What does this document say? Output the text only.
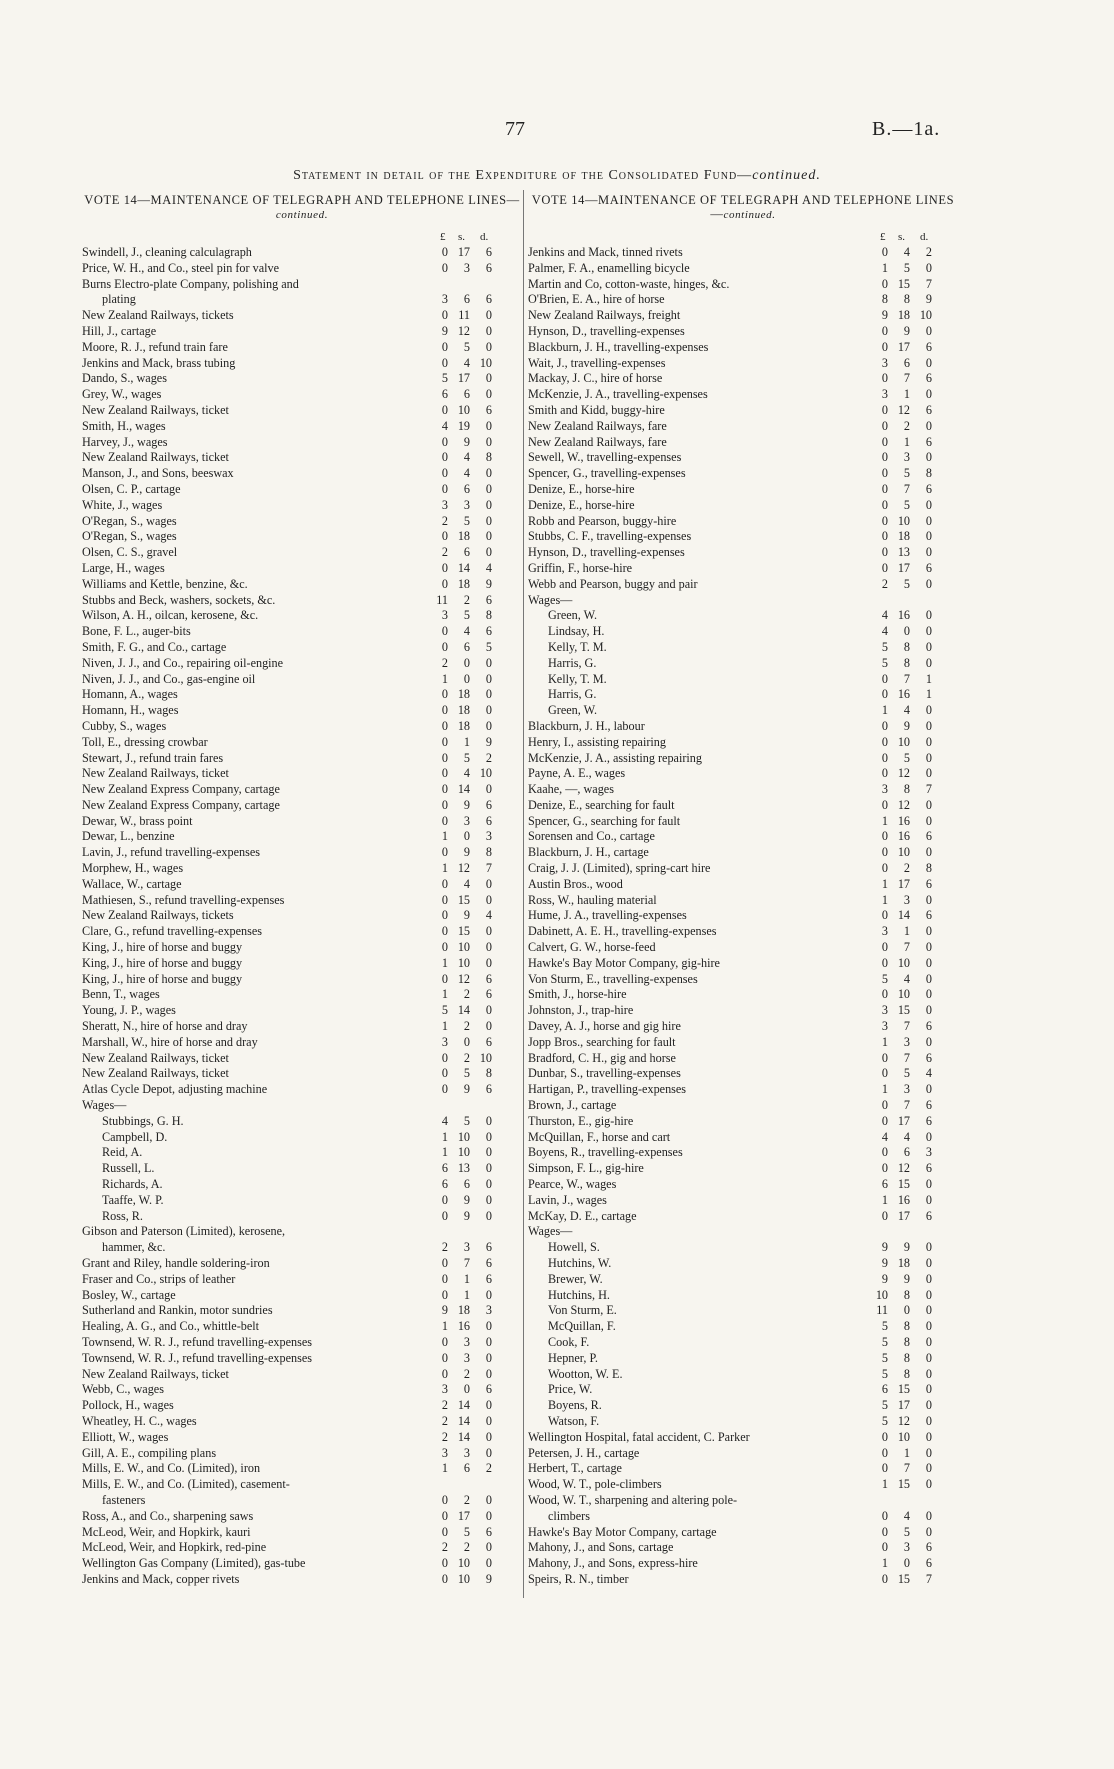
77	B.—1a.
Statement in detail of the Expenditure of the Consolidated Fund—continued.
VOTE 14—MAINTENANCE OF TELEGRAPH AND TELEPHONE LINES—continued.
£ s. d.
Swindell, J., cleaning calculagraph	0 17	6
Price, W. H., and Co., steel pin for valve	0	3	6
Burns Electro-plate Company, polishing and
plating	3	6	6
New Zealand Railways, tickets	0 11	0
Hill, J., cartage	9 12	0
Moore, R. J., refund train fare	0	5	0
Jenkins and Mack, brass tubing	0	4 10
Dando, S., wages	5 17	0
Grey, W., wages	6	6	0
New Zealand Railways, ticket	0 10	6
Smith, H., wages	4 19	0
Harvey, J., wages	0	9	0
New Zealand Railways, ticket	0	4	8
Manson, J., and Sons, beeswax	0	4	0
Olsen, C. P., cartage	0	6	0
White, J., wages	3	3	0
O'Regan, S., wages	2	5	0
O'Regan, S., wages	0 18	0
Olsen, C. S., gravel	2	6	0
Large, H., wages	0 14	4
Williams and Kettle, benzine, &c.	0 18	9
Stubbs and Beck, washers, sockets, &c.	11	2	6
Wilson, A. H., oilcan, kerosene, &c.	3	5	8
Bone, F. L., auger-bits	0	4	6
Smith, F. G., and Co., cartage	0	6	5
Niven, J. J., and Co., repairing oil-engine	2	0	0
Niven, J. J., and Co., gas-engine oil	1	0	0
Homann, A., wages	0 18	0
Homann, H., wages	0 18	0
Cubby, S., wages	0 18	0
Toll, E., dressing crowbar	0	1	9
Stewart, J., refund train fares	0	5	2
New Zealand Railways, ticket	0	4 10
New Zealand Express Company, cartage	0 14	0
New Zealand Express Company, cartage	0	9	6
Dewar, W., brass point	0	3	6
Dewar, L., benzine	1	0	3
Lavin, J., refund travelling-expenses	0	9	8
Morphew, H., wages	1 12	7
Wallace, W., cartage	0	4	0
Mathiesen, S., refund travelling-expenses	0 15	0
New Zealand Railways, tickets	0	9	4
Clare, G., refund travelling-expenses	0 15	0
King, J., hire of horse and buggy	0 10	0
King, J., hire of horse and buggy	1 10	0
King, J., hire of horse and buggy	0 12	6
Benn, T., wages	1	2	6
Young, J. P., wages	5 14	0
Sheratt, N., hire of horse and dray	1	2	0
Marshall, W., hire of horse and dray	3	0	6
New Zealand Railways, ticket	0	2 10
New Zealand Railways, ticket	0	5	8
Atlas Cycle Depot, adjusting machine	0	9	6
Wages—
Stubbings, G. H.	4	5	0
Campbell, D.	1 10	0
Reid, A.	1 10	0
Russell, L.	6 13	0
Richards, A.	6	6	0
Taaffe, W. P.	0	9	0
Ross, R.	0	9	0
Gibson and Paterson (Limited), kerosene,
hammer, &c.	2	3	6
Grant and Riley, handle soldering-iron	0	7	6
Fraser and Co., strips of leather	0	1	6
Bosley, W., cartage	0	1	0
Sutherland and Rankin, motor sundries	9 18	3
Healing, A. G., and Co., whittle-belt	1 16	0
Townsend, W. R. J., refund travelling-expenses	0	3	0
Townsend, W. R. J., refund travelling-expenses	0	3	0
New Zealand Railways, ticket	0	2	0
Webb, C., wages	3	0	6
Pollock, H., wages	2 14	0
Wheatley, H. C., wages	2 14	0
Elliott, W., wages	2 14	0
Gill, A. E., compiling plans	3	3	0
Mills, E. W., and Co. (Limited), iron	1	6	2
Mills, E. W., and Co. (Limited), casement-
fasteners	0	2	0
Ross, A., and Co., sharpening saws	0 17	0
McLeod, Weir, and Hopkirk, kauri	0	5	6
McLeod, Weir, and Hopkirk, red-pine	2	2	0
Wellington Gas Company (Limited), gas-tube	0 10	0
Jenkins and Mack, copper rivets	0 10	9
VOTE 14—MAINTENANCE OF TELEGRAPH AND TELEPHONE LINES—continued.
£ s. d.
Jenkins and Mack, tinned rivets	0	4	2
Palmer, F. A., enamelling bicycle	1	5	0
Martin and Co, cotton-waste, hinges, &c.	0 15	7
O'Brien, E. A., hire of horse	8	8	9
New Zealand Railways, freight	9 18 10
Hynson, D., travelling-expenses	0	9	0
Blackburn, J. H., travelling-expenses	0 17	6
Wait, J., travelling-expenses	3	6	0
Mackay, J. C., hire of horse	0	7	6
McKenzie, J. A., travelling-expenses	3	1	0
Smith and Kidd, buggy-hire	0 12	6
New Zealand Railways, fare	0	2	0
New Zealand Railways, fare	0	1	6
Sewell, W., travelling-expenses	0	3	0
Spencer, G., travelling-expenses	0	5	8
Denize, E., horse-hire	0	7	6
Denize, E., horse-hire	0	5	0
Robb and Pearson, buggy-hire	0 10	0
Stubbs, C. F., travelling-expenses	0 18	0
Hynson, D., travelling-expenses	0 13	0
Griffin, F., horse-hire	0 17	6
Webb and Pearson, buggy and pair	2	5	0
Wages—
Green, W.	4 16	0
Lindsay, H.	4	0	0
Kelly, T. M.	5	8	0
Harris, G.	5	8	0
Kelly, T. M.	0	7	1
Harris, G.	0 16	1
Green, W.	1	4	0
Blackburn, J. H., labour	0	9	0
Henry, I., assisting repairing	0 10	0
McKenzie, J. A., assisting repairing	0	5	0
Payne, A. E., wages	0 12	0
Kaahe, —, wages	3	8	7
Denize, E., searching for fault	0 12	0
Spencer, G., searching for fault	1 16	0
Sorensen and Co., cartage	0 16	6
Blackburn, J. H., cartage	0 10	0
Craig, J. J. (Limited), spring-cart hire	0	2	8
Austin Bros., wood	1 17	6
Ross, W., hauling material	1	3	0
Hume, J. A., travelling-expenses	0 14	6
Dabinett, A. E. H., travelling-expenses	3	1	0
Calvert, G. W., horse-feed	0	7	0
Hawke's Bay Motor Company, gig-hire	0 10	0
Von Sturm, E., travelling-expenses	5	4	0
Smith, J., horse-hire	0 10	0
Johnston, J., trap-hire	3 15	0
Davey, A. J., horse and gig hire	3	7	6
Jopp Bros., searching for fault	1	3	0
Bradford, C. H., gig and horse	0	7	6
Dunbar, S., travelling-expenses	0	5	4
Hartigan, P., travelling-expenses	1	3	0
Brown, J., cartage	0	7	6
Thurston, E., gig-hire	0 17	6
McQuillan, F., horse and cart	4	4	0
Boyens, R., travelling-expenses	0	6	3
Simpson, F. L., gig-hire	0 12	6
Pearce, W., wages	6 15	0
Lavin, J., wages	1 16	0
McKay, D. E., cartage	0 17	6
Wages—
Howell, S.	9	9	0
Hutchins, W.	9 18	0
Brewer, W.	9	9	0
Hutchins, H.	10	8	0
Von Sturm, E.	11	0	0
McQuillan, F.	5	8	0
Cook, F.	5	8	0
Hepner, P.	5	8	0
Wootton, W. E.	5	8	0
Price, W.	6 15	0
Boyens, R.	5 17	0
Watson, F.	5 12	0
Wellington Hospital, fatal accident, C. Parker	0 10	0
Petersen, J. H., cartage	0	1	0
Herbert, T., cartage	0	7	0
Wood, W. T., pole-climbers	1 15	0
Wood, W. T., sharpening and altering pole-
climbers	0	4	0
Hawke's Bay Motor Company, cartage	0	5	0
Mahony, J., and Sons, cartage	0	3	6
Mahony, J., and Sons, express-hire	1	0	6
Speirs, R. N., timber	0 15	7
